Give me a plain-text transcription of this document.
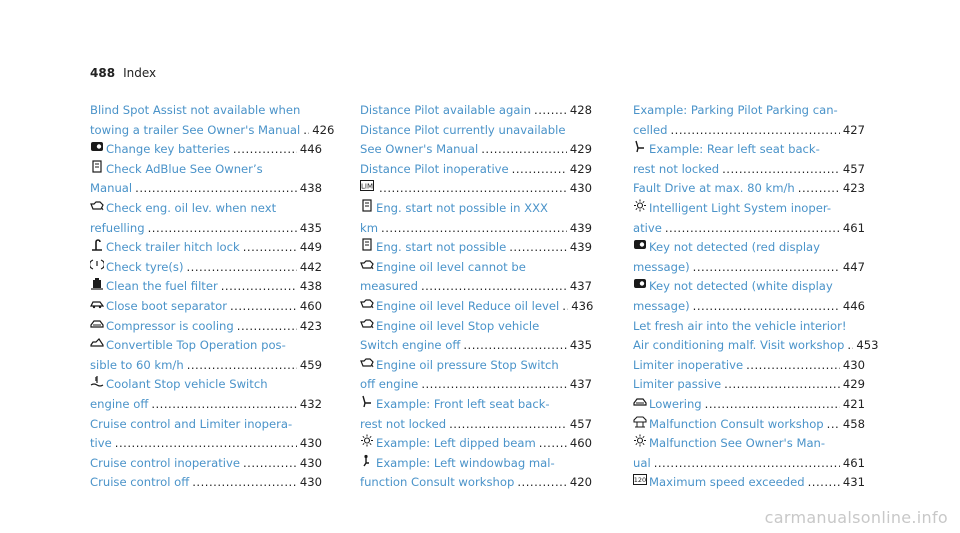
488 Index
Blind Spot Assist not available when
towing a trailer See Owner's Manual ..... 426
Change key batteries .....	446
Check AdBlue See Owner’s
Manual .....	438
Check eng. oil lev. when next
refuelling .....	435
Check trailer hitch lock .....	449
Check tyre(s) .....	442
Clean the fuel filter .....	438
Close boot separator .....	460
Compressor is cooling .....	423
Convertible Top Operation pos-
sible to 60 km/h .....	459
Coolant Stop vehicle Switch
engine off .....	432
Cruise control and Limiter inopera-
tive .....	430
Cruise control inoperative .....	430
Cruise control off .....	430
Distance Pilot available again .....	428
Distance Pilot currently unavailable
See Owner's Manual .....	429
Distance Pilot inoperative .....	429
LIM .....	430
Eng. start not possible in XXX
km .....	439
Eng. start not possible .....	439
Engine oil level cannot be
measured .....	437
Engine oil level Reduce oil level ..... 436
Engine oil level Stop vehicle
Switch engine off .....	435
Engine oil pressure Stop Switch
off engine .....	437
Example: Front left seat back-
rest not locked .....	457
Example: Left dipped beam .....	460
Example: Left windowbag mal-
function Consult workshop .....	420
Example: Parking Pilot Parking can-
celled .....	427
Example: Rear left seat back-
rest not locked .....	457
Fault Drive at max. 80 km/h .....	423
Intelligent Light System inoper-
ative .....	461
Key not detected (red display
message) .....	447
Key not detected (white display
message) .....	446
Let fresh air into the vehicle interior!
Air conditioning malf. Visit workshop ..... 453
Limiter inoperative .....	430
Limiter passive .....	429
Lowering .....	421
Malfunction Consult workshop ..... 458
Malfunction See Owner's Man-
ual .....	461
120 Maximum speed exceeded .....	431
carmanualsonline.info
